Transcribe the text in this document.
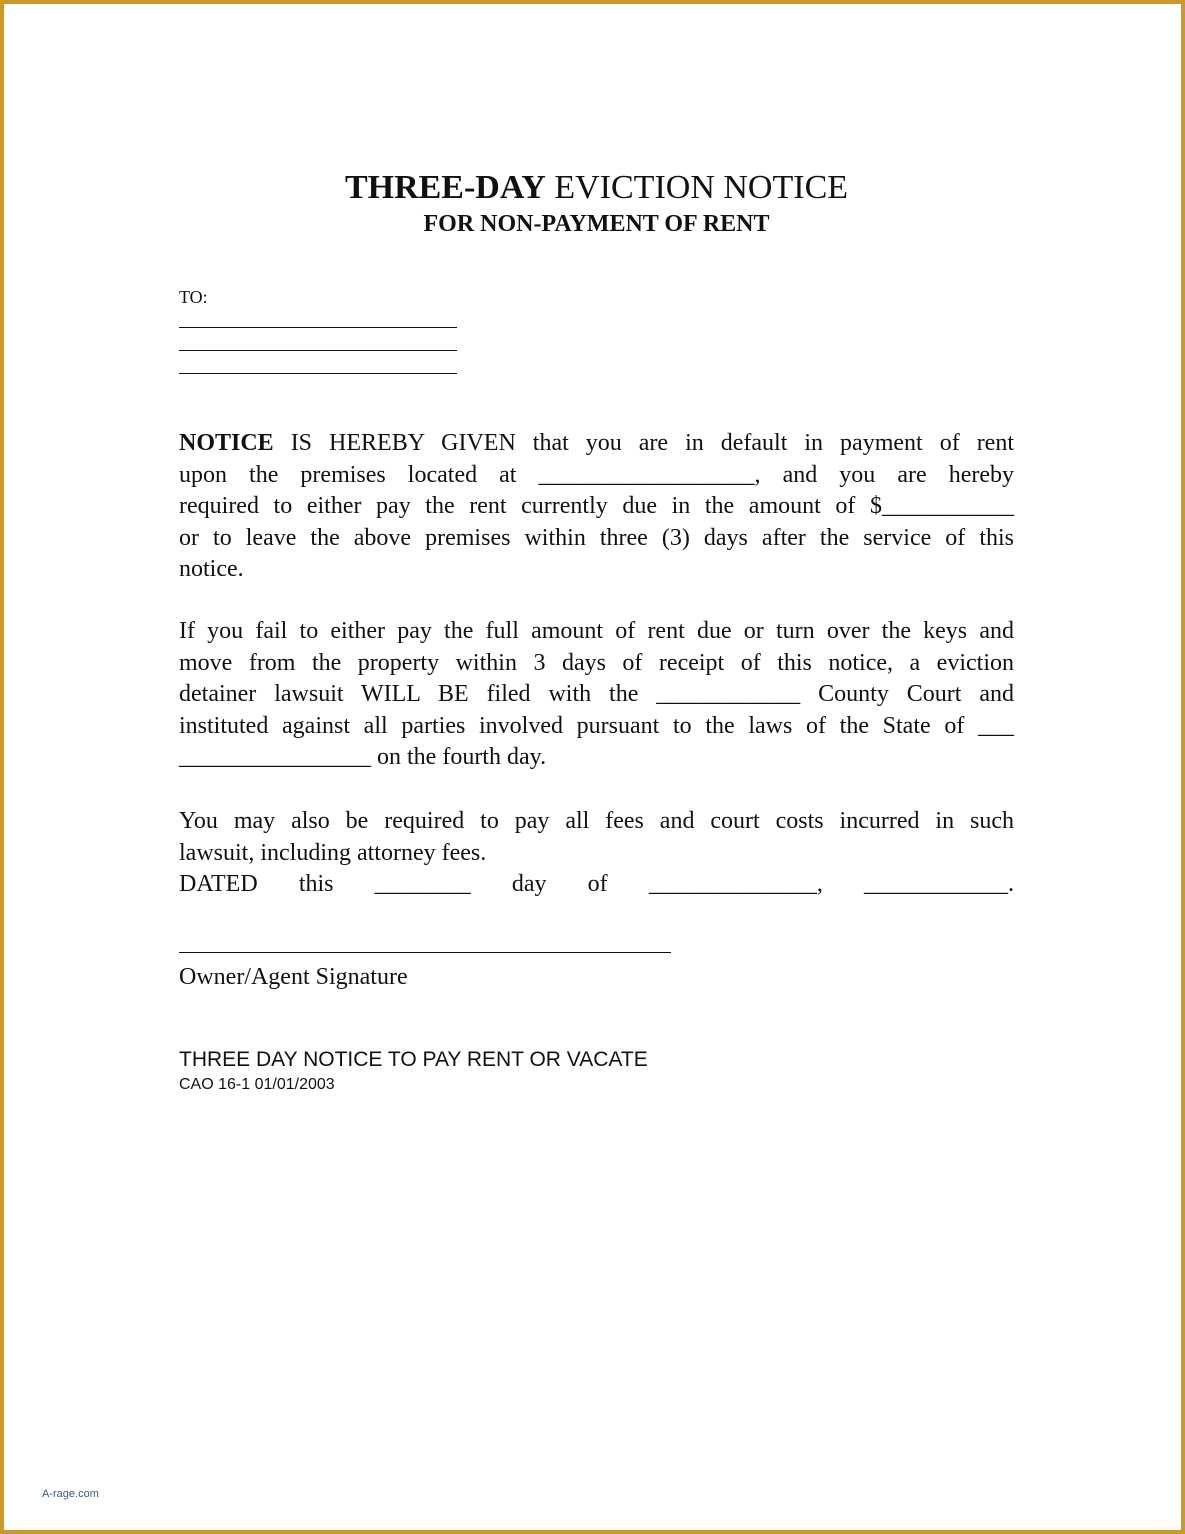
THREE-DAY EVICTION NOTICE
FOR NON-PAYMENT OF RENT
TO:
NOTICE IS HEREBY GIVEN that you are in default in payment of rent
upon the premises located at __________________, and you are hereby
required to either pay the rent currently due in the amount of $___________
or to leave the above premises within three (3) days after the service of this
notice.
If you fail to either pay the full amount of rent due or turn over the keys and
move from the property within 3 days of receipt of this notice, a eviction
detainer lawsuit WILL BE filed with the ____________ County Court and
instituted against all parties involved pursuant to the laws of the State of ___
________________ on the fourth day.
You may also be required to pay all fees and court costs incurred in such
lawsuit, including attorney fees.
DATED this ________ day of ______________, ____________.
Owner/Agent Signature
THREE DAY NOTICE TO PAY RENT OR VACATE
CAO 16-1 01/01/2003
A-rage.com
